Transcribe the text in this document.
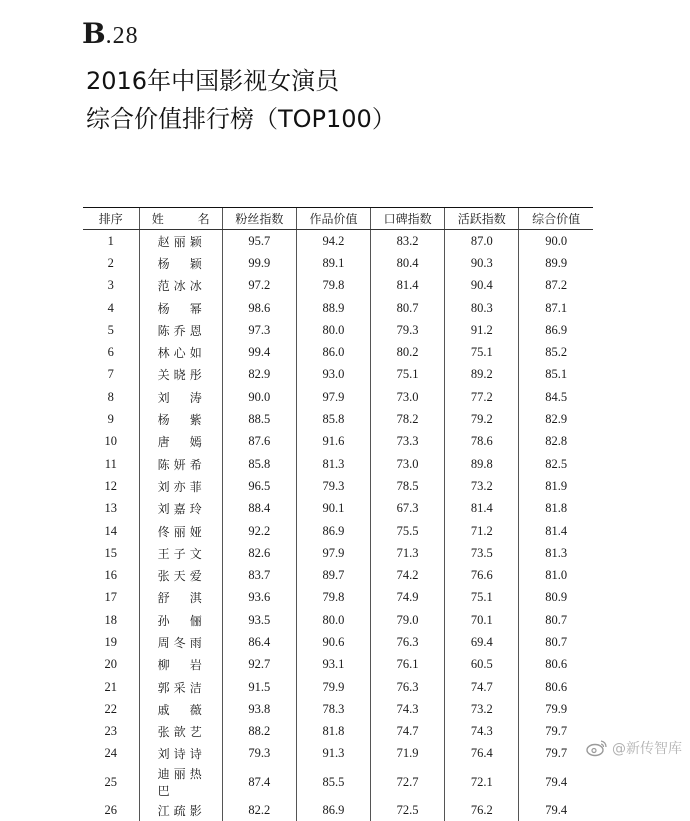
B.28
2016年中国影视女演员
综合价值排行榜（TOP100）
排序	姓　名	粉丝指数	作品价值	口碑指数	活跃指数	综合价值
1	赵丽颖	95.7	94.2	83.2	87.0	90.0
2	杨颖	99.9	89.1	80.4	90.3	89.9
3	范冰冰	97.2	79.8	81.4	90.4	87.2
4	杨幂	98.6	88.9	80.7	80.3	87.1
5	陈乔恩	97.3	80.0	79.3	91.2	86.9
6	林心如	99.4	86.0	80.2	75.1	85.2
7	关晓彤	82.9	93.0	75.1	89.2	85.1
8	刘涛	90.0	97.9	73.0	77.2	84.5
9	杨紫	88.5	85.8	78.2	79.2	82.9
10	唐嫣	87.6	91.6	73.3	78.6	82.8
11	陈妍希	85.8	81.3	73.0	89.8	82.5
12	刘亦菲	96.5	79.3	78.5	73.2	81.9
13	刘嘉玲	88.4	90.1	67.3	81.4	81.8
14	佟丽娅	92.2	86.9	75.5	71.2	81.4
15	王子文	82.6	97.9	71.3	73.5	81.3
16	张天爱	83.7	89.7	74.2	76.6	81.0
17	舒淇	93.6	79.8	74.9	75.1	80.9
18	孙俪	93.5	80.0	79.0	70.1	80.7
19	周冬雨	86.4	90.6	76.3	69.4	80.7
20	柳岩	92.7	93.1	76.1	60.5	80.6
21	郭采洁	91.5	79.9	76.3	74.7	80.6
22	戚薇	93.8	78.3	74.3	73.2	79.9
23	张歆艺	88.2	81.8	74.7	74.3	79.7
24	刘诗诗	79.3	91.3	71.9	76.4	79.7
25	迪丽热巴	87.4	85.5	72.7	72.1	79.4
26	江疏影	82.2	86.9	72.5	76.2	79.4
@新传智库
